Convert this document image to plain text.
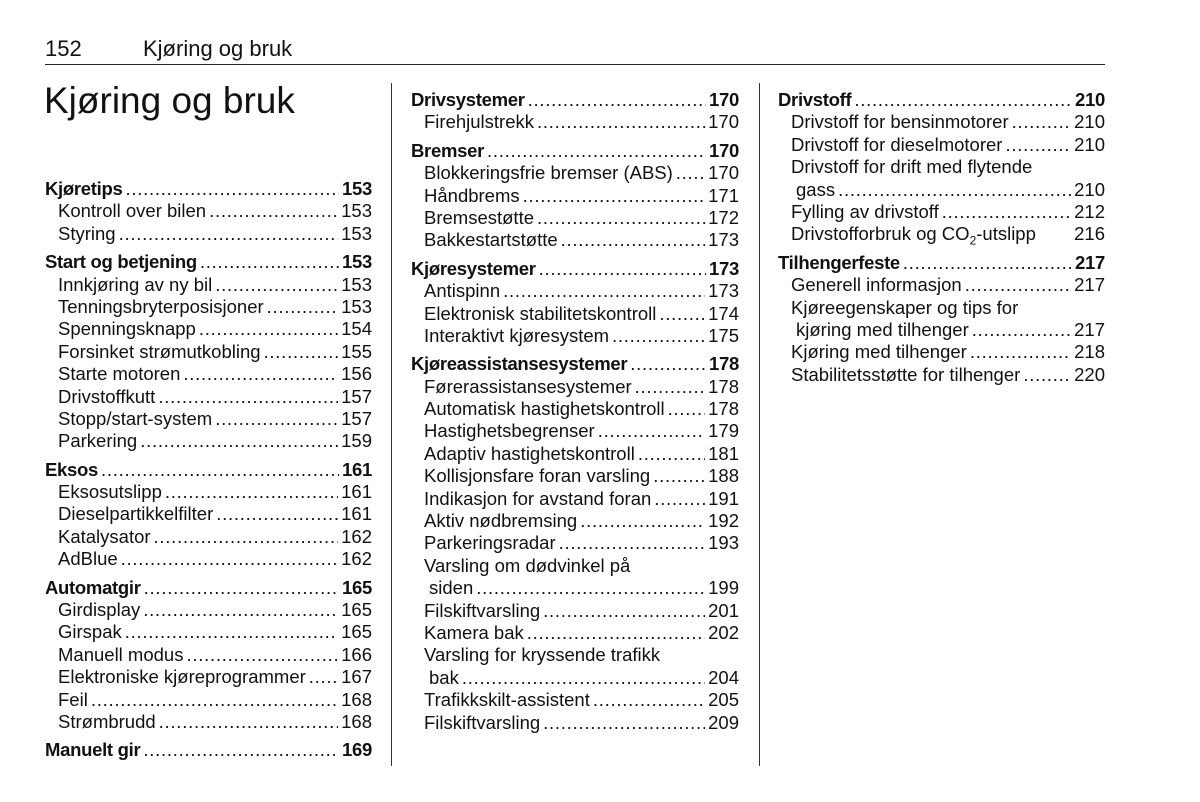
152	Kjøring og bruk
Kjøring og bruk
Kjøretips . . .	153
Kontroll over bilen . . .	153
Styring . . .	153
Start og betjening . . .	153
Innkjøring av ny bil . . .	153
Tenningsbryterposisjoner . . .	153
Spenningsknapp . . .	154
Forsinket strømutkobling . . .	155
Starte motoren . . .	156
Drivstoffkutt . . .	157
Stopp/start-system . . .	157
Parkering . . .	159
Eksos . . .	161
Eksosutslipp . . .	161
Dieselpartikkelfilter . . .	161
Katalysator . . .	162
AdBlue . . .	162
Automatgir . . .	165
Girdisplay . . .	165
Girspak . . .	165
Manuell modus . . .	166
Elektroniske kjøreprogrammer . . . 167
Feil . . .	168
Strømbrudd . . .	168
Manuelt gir . . .	169
Drivsystemer . . .	170
Firehjulstrekk . . .	170
Bremser . . .	170
Blokkeringsfrie bremser (ABS) . . . 170
Håndbrems . . .	171
Bremsestøtte . . .	172
Bakkestartstøtte . . .	173
Kjøresystemer . . .	173
Antispinn . . .	173
Elektronisk stabilitetskontroll . . .	174
Interaktivt kjøresystem . . .	175
Kjøreassistansesystemer . . .	178
Førerassistansesystemer . . .	178
Automatisk hastighetskontroll . . . 178
Hastighetsbegrenser . . .	179
Adaptiv hastighetskontroll . . .	181
Kollisjonsfare foran varsling . . .	188
Indikasjon for avstand foran . . .	191
Aktiv nødbremsing . . .	192
Parkeringsradar . . .	193
Varsling om dødvinkel på
siden . . .	199
Filskiftvarsling . . .	201
Kamera bak . . .	202
Varsling for kryssende trafikk
bak . . .	204
Trafikkskilt-assistent . . .	205
Filskiftvarsling . . .	209
Drivstoff . . .	210
Drivstoff for bensinmotorer . . .	210
Drivstoff for dieselmotorer . . .	210
Drivstoff for drift med flytende
gass . . .	210
Fylling av drivstoff . . .	212
Drivstofforbruk og $CO_2$-utslipp 216
Tilhengerfeste . . .	217
Generell informasjon . . .	217
Kjøreegenskaper og tips for
kjøring med tilhenger . . .	217
Kjøring med tilhenger . . .	218
Stabilitetsstøtte for tilhenger . . .	220
